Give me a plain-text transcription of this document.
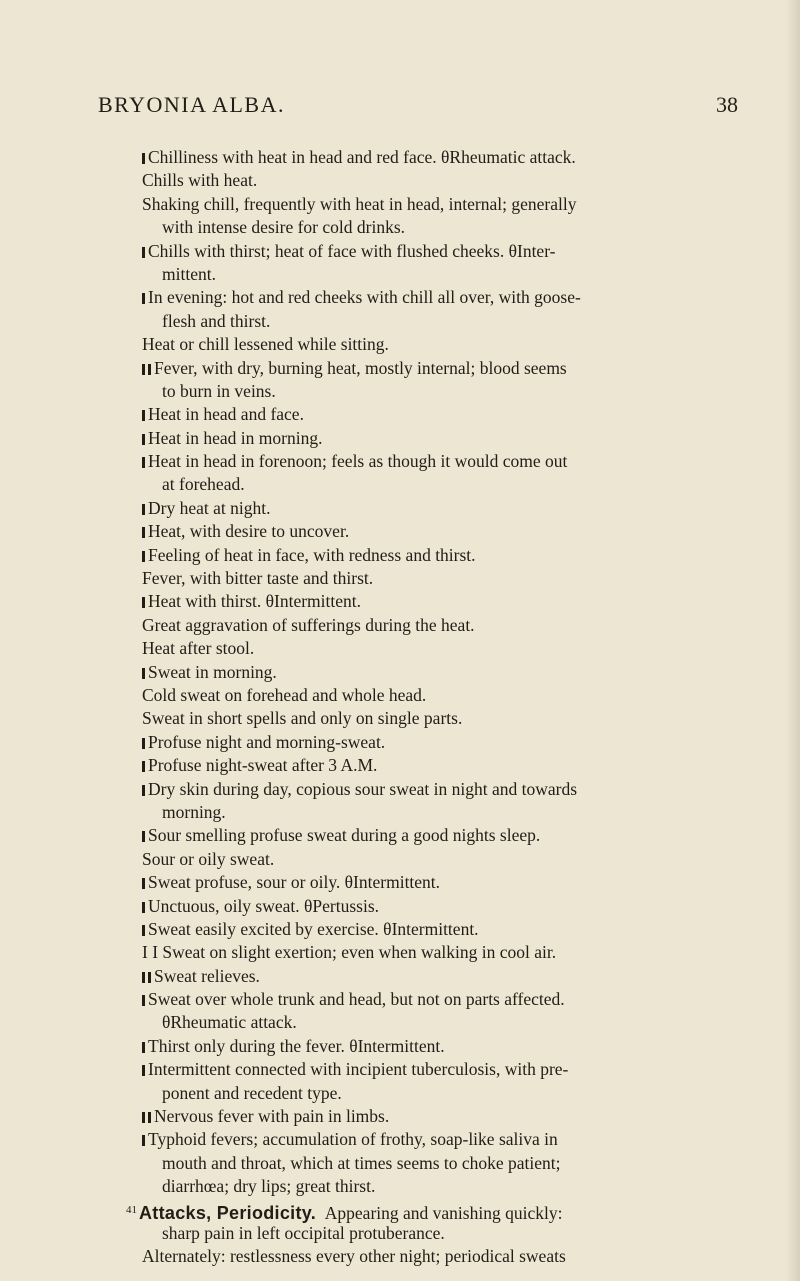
BRYONIA ALBA.	38
Chilliness with heat in head and red face. θRheumatic attack.
Chills with heat.
Shaking chill, frequently with heat in head, internal; generally
with intense desire for cold drinks.
Chills with thirst; heat of face with flushed cheeks. θInter-
mittent.
In evening: hot and red cheeks with chill all over, with goose-
flesh and thirst.
Heat or chill lessened while sitting.
Fever, with dry, burning heat, mostly internal; blood seems
to burn in veins.
Heat in head and face.
Heat in head in morning.
Heat in head in forenoon; feels as though it would come out
at forehead.
Dry heat at night.
Heat, with desire to uncover.
Feeling of heat in face, with redness and thirst.
Fever, with bitter taste and thirst.
Heat with thirst. θIntermittent.
Great aggravation of sufferings during the heat.
Heat after stool.
Sweat in morning.
Cold sweat on forehead and whole head.
Sweat in short spells and only on single parts.
Profuse night and morning-sweat.
Profuse night-sweat after 3 A.M.
Dry skin during day, copious sour sweat in night and towards
morning.
Sour smelling profuse sweat during a good nights sleep.
Sour or oily sweat.
Sweat profuse, sour or oily. θIntermittent.
Unctuous, oily sweat. θPertussis.
Sweat easily excited by exercise. θIntermittent.
I I Sweat on slight exertion; even when walking in cool air.
Sweat relieves.
Sweat over whole trunk and head, but not on parts affected.
θRheumatic attack.
Thirst only during the fever. θIntermittent.
Intermittent connected with incipient tuberculosis, with pre-
ponent and recedent type.
Nervous fever with pain in limbs.
Typhoid fevers; accumulation of frothy, soap-like saliva in
mouth and throat, which at times seems to choke patient;
diarrhœa; dry lips; great thirst.
$^{41}$ Attacks, Periodicity. Appearing and vanishing quickly:
sharp pain in left occipital protuberance.
Alternately: restlessness every other night; periodical sweats
